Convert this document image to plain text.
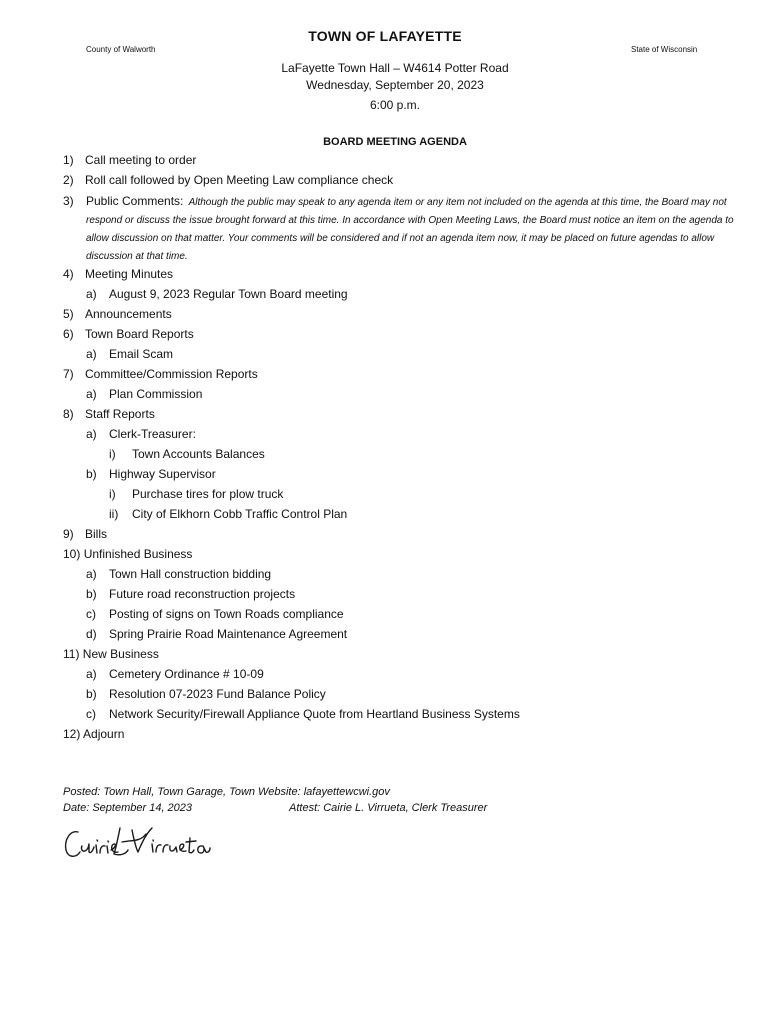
TOWN OF LAFAYETTE
County of Walworth	State of Wisconsin
LaFayette Town Hall – W4614 Potter Road
Wednesday, September 20, 2023
6:00 p.m.
BOARD MEETING AGENDA
1) Call meeting to order
2) Roll call followed by Open Meeting Law compliance check
3) Public Comments: Although the public may speak to any agenda item or any item not included on the agenda at this time, the Board may not respond or discuss the issue brought forward at this time. In accordance with Open Meeting Laws, the Board must notice an item on the agenda to allow discussion on that matter. Your comments will be considered and if not an agenda item now, it may be placed on future agendas to allow discussion at that time.
4) Meeting Minutes
a) August 9, 2023 Regular Town Board meeting
5) Announcements
6) Town Board Reports
a) Email Scam
7) Committee/Commission Reports
a) Plan Commission
8) Staff Reports
a) Clerk-Treasurer:
i) Town Accounts Balances
b) Highway Supervisor
i) Purchase tires for plow truck
ii) City of Elkhorn Cobb Traffic Control Plan
9) Bills
10) Unfinished Business
a) Town Hall construction bidding
b) Future road reconstruction projects
c) Posting of signs on Town Roads compliance
d) Spring Prairie Road Maintenance Agreement
11) New Business
a) Cemetery Ordinance # 10-09
b) Resolution 07-2023 Fund Balance Policy
c) Network Security/Firewall Appliance Quote from Heartland Business Systems
12) Adjourn
Posted: Town Hall, Town Garage, Town Website: lafayettewcwi.gov
Date: September 14, 2023	Attest: Cairie L. Virrueta, Clerk Treasurer
